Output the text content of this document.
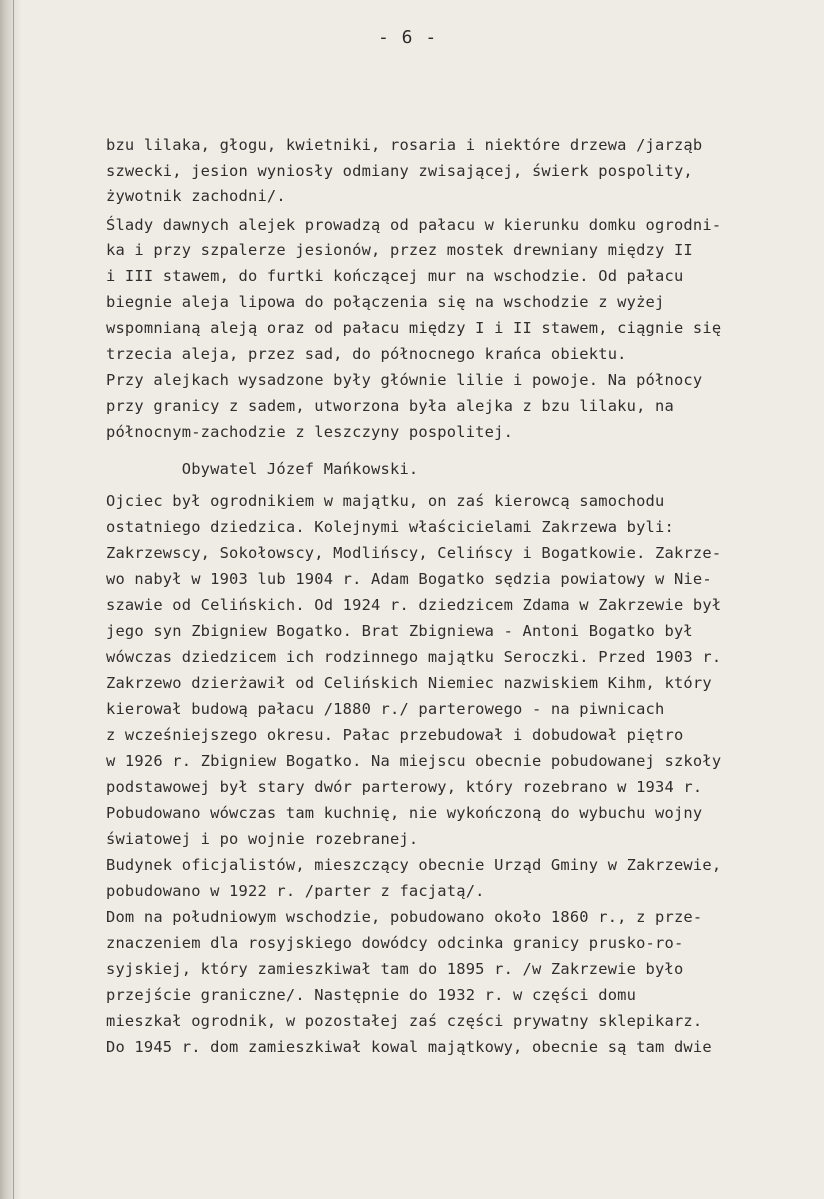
- 6 -
bzu lilaka, głogu, kwietniki, rosaria i niektóre drzewa /jarząb
szwecki, jesion wyniosły odmiany zwisającej, świerk pospolity,
żywotnik zachodni/.
Ślady dawnych alejek prowadzą od pałacu w kierunku domku ogrodni-
ka i przy szpalerze jesionów, przez mostek drewniany między II
i III stawem, do furtki kończącej mur na wschodzie. Od pałacu
biegnie aleja lipowa do połączenia się na wschodzie z wyżej
wspomnianą aleją oraz od pałacu między I i II stawem, ciągnie się
trzecia aleja, przez sad, do północnego krańca obiektu.
Przy alejkach wysadzone były głównie lilie i powoje. Na północy
przy granicy z sadem, utworzona była alejka z bzu lilaku, na
północnym-zachodzie z leszczyny pospolitej.
Obywatel Józef Mańkowski.
Ojciec był ogrodnikiem w majątku, on zaś kierowcą samochodu
ostatniego dziedzica. Kolejnymi właścicielami Zakrzewa byli:
Zakrzewscy, Sokołowscy, Modlińscy, Celińscy i Bogatkowie. Zakrze-
wo nabył w 1903 lub 1904 r. Adam Bogatko sędzia powiatowy w Nie-
szawie od Celińskich. Od 1924 r. dziedzicem Zdama w Zakrzewie był
jego syn Zbigniew Bogatko. Brat Zbigniewa - Antoni Bogatko był
wówczas dziedzicem ich rodzinnego majątku Seroczki. Przed 1903 r.
Zakrzewo dzierżawił od Celińskich Niemiec nazwiskiem Kihm, który
kierował budową pałacu /1880 r./ parterowego - na piwnicach
z wcześniejszego okresu. Pałac przebudował i dobudował piętro
w 1926 r. Zbigniew Bogatko. Na miejscu obecnie pobudowanej szkoły
podstawowej był stary dwór parterowy, który rozebrano w 1934 r.
Pobudowano wówczas tam kuchnię, nie wykończoną do wybuchu wojny
światowej i po wojnie rozebranej.
Budynek oficjalistów, mieszczący obecnie Urząd Gminy w Zakrzewie,
pobudowano w 1922 r. /parter z facjatą/.
Dom na południowym wschodzie, pobudowano około 1860 r., z prze-
znaczeniem dla rosyjskiego dowódcy odcinka granicy prusko-ro-
syjskiej, który zamieszkiwał tam do 1895 r. /w Zakrzewie było
przejście graniczne/. Następnie do 1932 r. w części domu
mieszkał ogrodnik, w pozostałej zaś części prywatny sklepikarz.
Do 1945 r. dom zamieszkiwał kowal majątkowy, obecnie są tam dwie
